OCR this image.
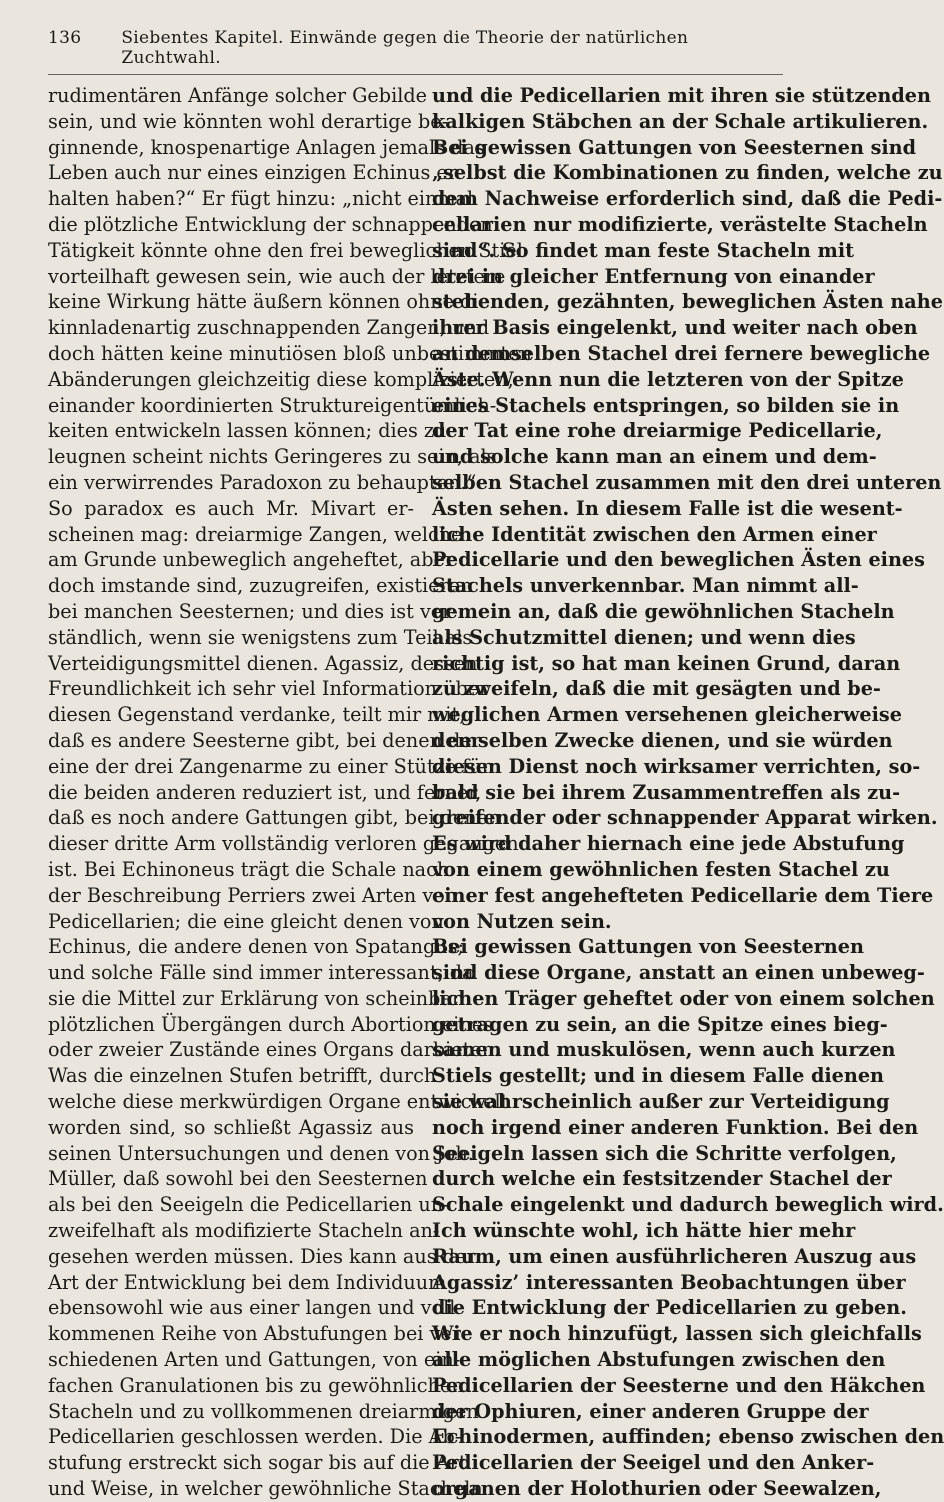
136 Siebentes Kapitel. Einwände gegen die Theorie der natürlichen Zuchtwahl.
rudimentären Anfänge solcher Gebilde
sein, und wie könnten wohl derartige be-
ginnende, knospenartige Anlagen jemals das
Leben auch nur eines einzigen Echinus er-
halten haben?“ Er fügt hinzu: „nicht einmal
die plötzliche Entwicklung der schnappenden
Tätigkeit könnte ohne den frei beweglichen Stiel
vorteilhaft gewesen sein, wie auch der letztere
keine Wirkung hätte äußern können ohne die
kinnladenartig zuschnappenden Zangen; und
doch hätten keine minutiösen bloß unbestimmten
Abänderungen gleichzeitig diese komplizierten,
einander koordinierten Struktureigentümlich-
keiten entwickeln lassen können; dies zu
leugnen scheint nichts Geringeres zu sein, als
ein verwirrendes Paradoxon zu behaupten.“
So paradox es auch Mr. Mivart er-
scheinen mag: dreiarmige Zangen, welche
am Grunde unbeweglich angeheftet, aber
doch imstande sind, zuzugreifen, existieren
bei manchen Seesternen; und dies ist ver-
ständlich, wenn sie wenigstens zum Teil als
Verteidigungsmittel dienen. Agassiz, dessen
Freundlichkeit ich sehr viel Information über
diesen Gegenstand verdanke, teilt mir mit,
daß es andere Seesterne gibt, bei denen der
eine der drei Zangenarme zu einer Stütze für
die beiden anderen reduziert ist, und ferner,
daß es noch andere Gattungen gibt, bei denen
dieser dritte Arm vollständig verloren gegangen
ist. Bei Echinoneus trägt die Schale nach
der Beschreibung Perriers zwei Arten von
Pedicellarien; die eine gleicht denen von
Echinus, die andere denen von Spatangus;
und solche Fälle sind immer interessant, da
sie die Mittel zur Erklärung von scheinbar
plötzlichen Übergängen durch Abortion eines
oder zweier Zustände eines Organs darbieten.
Was die einzelnen Stufen betrifft, durch
welche diese merkwürdigen Organe entwickelt
worden sind, so schließt Agassiz aus
seinen Untersuchungen und denen von Joh.
Müller, daß sowohl bei den Seesternen
als bei den Seeigeln die Pedicellarien un-
zweifelhaft als modifizierte Stacheln an-
gesehen werden müssen. Dies kann aus der
Art der Entwicklung bei dem Individuum
ebensowohl wie aus einer langen und voll-
kommenen Reihe von Abstufungen bei ver-
schiedenen Arten und Gattungen, von ein-
fachen Granulationen bis zu gewöhnlichen
Stacheln und zu vollkommenen dreiarmigen
Pedicellarien geschlossen werden. Die Ab-
stufung erstreckt sich sogar bis auf die Art
und Weise, in welcher gewöhnliche Stacheln
und die Pedicellarien mit ihren sie stützenden
kalkigen Stäbchen an der Schale artikulieren.
Bei gewissen Gattungen von Seesternen sind
„selbst die Kombinationen zu finden, welche zu
dem Nachweise erforderlich sind, daß die Pedi-
cellarien nur modifizierte, verästelte Stacheln
sind“. So findet man feste Stacheln mit
drei in gleicher Entfernung von einander
stehenden, gezähnten, beweglichen Ästen nahe
ihrer Basis eingelenkt, und weiter nach oben
an demselben Stachel drei fernere bewegliche
Äste. Wenn nun die letzteren von der Spitze
eines Stachels entspringen, so bilden sie in
der Tat eine rohe dreiarmige Pedicellarie,
und solche kann man an einem und dem-
selben Stachel zusammen mit den drei unteren
Ästen sehen. In diesem Falle ist die wesent-
liche Identität zwischen den Armen einer
Pedicellarie und den beweglichen Ästen eines
Stachels unverkennbar. Man nimmt all-
gemein an, daß die gewöhnlichen Stacheln
als Schutzmittel dienen; und wenn dies
richtig ist, so hat man keinen Grund, daran
zu zweifeln, daß die mit gesägten und be-
weglichen Armen versehenen gleicherweise
demselben Zwecke dienen, und sie würden
diesen Dienst noch wirksamer verrichten, so-
bald sie bei ihrem Zusammentreffen als zu-
greifender oder schnappender Apparat wirken.
Es wird daher hiernach eine jede Abstufung
von einem gewöhnlichen festen Stachel zu
einer fest angehefteten Pedicellarie dem Tiere
von Nutzen sein.
Bei gewissen Gattungen von Seesternen
sind diese Organe, anstatt an einen unbeweg-
lichen Träger geheftet oder von einem solchen
getragen zu sein, an die Spitze eines bieg-
samen und muskulösen, wenn auch kurzen
Stiels gestellt; und in diesem Falle dienen
sie wahrscheinlich außer zur Verteidigung
noch irgend einer anderen Funktion. Bei den
Seeigeln lassen sich die Schritte verfolgen,
durch welche ein festsitzender Stachel der
Schale eingelenkt und dadurch beweglich wird.
Ich wünschte wohl, ich hätte hier mehr
Raum, um einen ausführlicheren Auszug aus
Agassiz’ interessanten Beobachtungen über
die Entwicklung der Pedicellarien zu geben.
Wie er noch hinzufügt, lassen sich gleichfalls
alle möglichen Abstufungen zwischen den
Pedicellarien der Seesterne und den Häkchen
der Ophiuren, einer anderen Gruppe der
Echinodermen, auffinden; ebenso zwischen den
Pedicellarien der Seeigel und den Anker-
organen der Holothurien oder Seewalzen,
